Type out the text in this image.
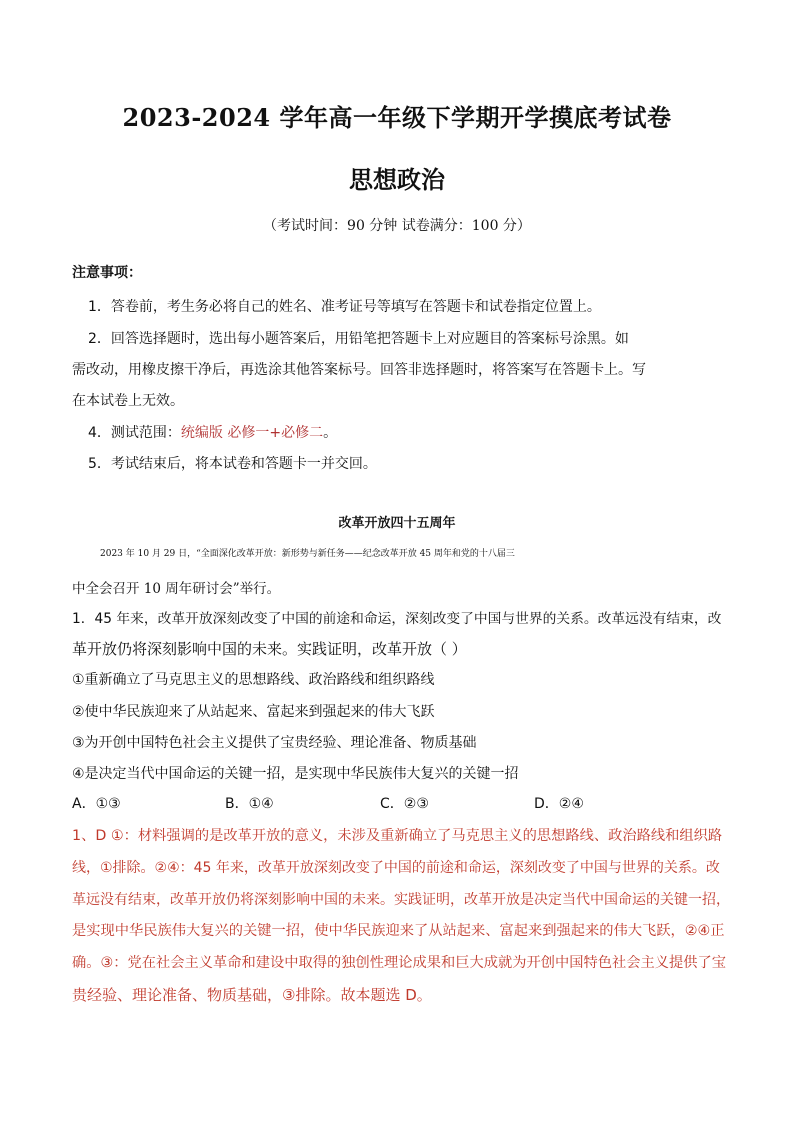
2023-2024 学年高一年级下学期开学摸底考试卷
思想政治
（考试时间：90 分钟 试卷满分：100 分）
注意事项：
1．答卷前，考生务必将自己的姓名、准考证号等填写在答题卡和试卷指定位置上。
2．回答选择题时，选出每小题答案后，用铅笔把答题卡上对应题目的答案标号涂黑。如
需改动，用橡皮擦干净后，再选涂其他答案标号。回答非选择题时，将答案写在答题卡上。写
在本试卷上无效。
4．测试范围：统编版 必修一+必修二。
5．考试结束后，将本试卷和答题卡一并交回。
改革开放四十五周年
2023 年 10 月 29 日，“全面深化改革开放：新形势与新任务——纪念改革开放 45 周年和党的十八届三
中全会召开 10 周年研讨会”举行。
1．45 年来，改革开放深刻改变了中国的前途和命运，深刻改变了中国与世界的关系。改革远没有结束，改
革开放仍将深刻影响中国的未来。实践证明，改革开放（ ）
①重新确立了马克思主义的思想路线、政治路线和组织路线
②使中华民族迎来了从站起来、富起来到强起来的伟大飞跃
③为开创中国特色社会主义提供了宝贵经验、理论准备、物质基础
④是决定当代中国命运的关键一招，是实现中华民族伟大复兴的关键一招
A．①③	B．①④	C．②③	D．②④
1、D ①：材料强调的是改革开放的意义，未涉及重新确立了马克思主义的思想路线、政治路线和组织路
线，①排除。②④：45 年来，改革开放深刻改变了中国的前途和命运，深刻改变了中国与世界的关系。改
革远没有结束，改革开放仍将深刻影响中国的未来。实践证明，改革开放是决定当代中国命运的关键一招，
是实现中华民族伟大复兴的关键一招，使中华民族迎来了从站起来、富起来到强起来的伟大飞跃，②④正
确。③：党在社会主义革命和建设中取得的独创性理论成果和巨大成就为开创中国特色社会主义提供了宝
贵经验、理论准备、物质基础，③排除。故本题选 D。
